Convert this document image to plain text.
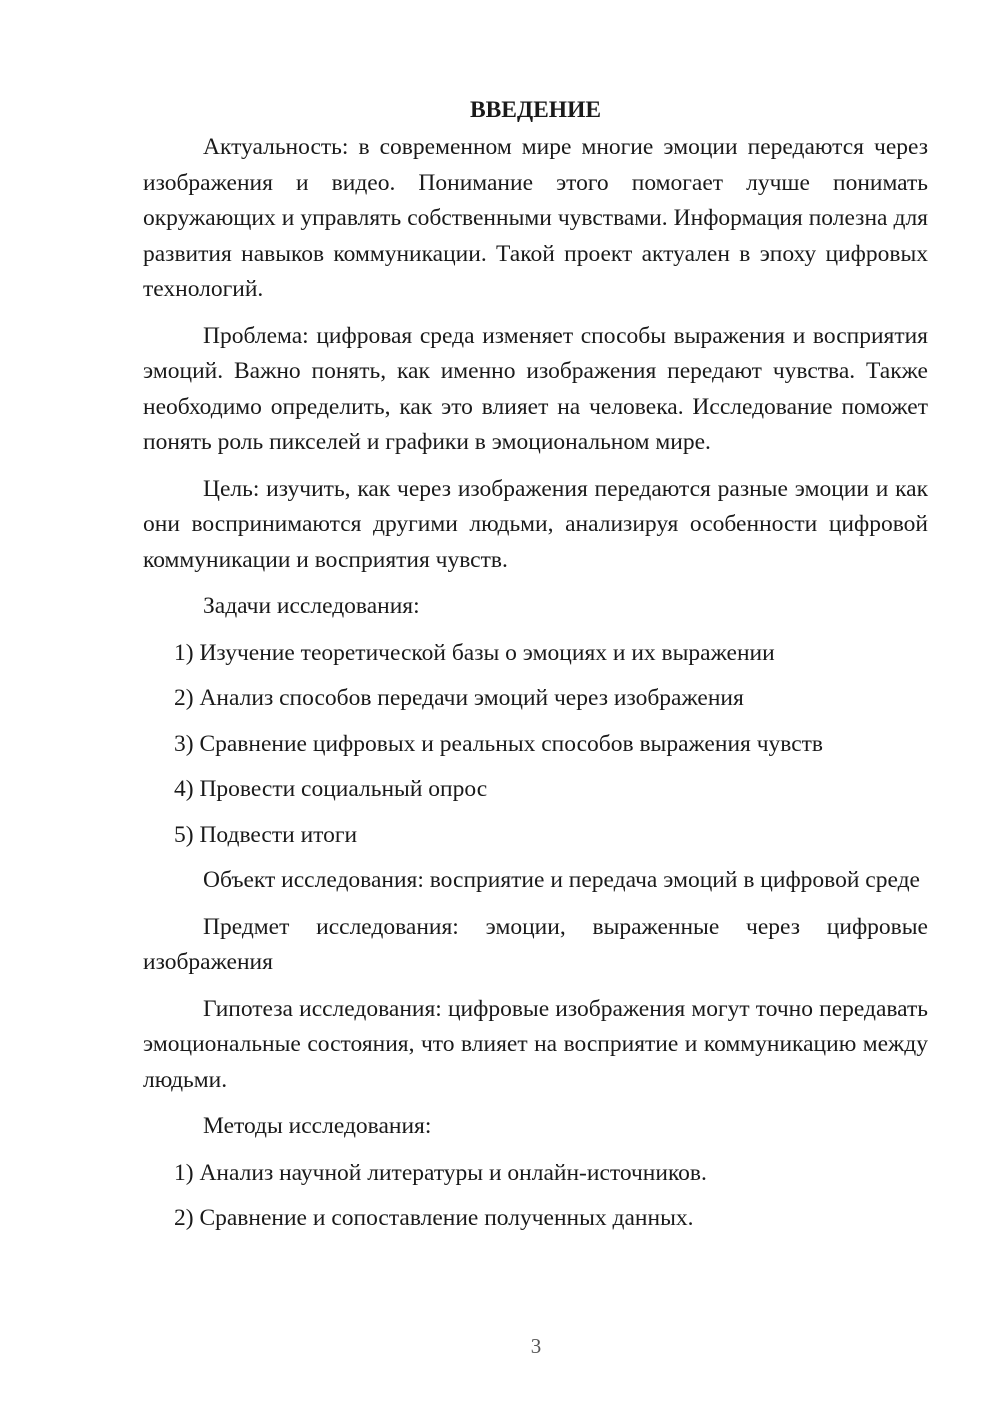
ВВЕДЕНИЕ

Актуальность: в современном мире многие эмоции передаются через изображения и видео. Понимание этого помогает лучше понимать окружающих и управлять собственными чувствами. Информация полезна для развития навыков коммуникации. Такой проект актуален в эпоху цифровых технологий.

Проблема: цифровая среда изменяет способы выражения и восприятия эмоций. Важно понять, как именно изображения передают чувства. Также необходимо определить, как это влияет на человека. Исследование поможет понять роль пикселей и графики в эмоциональном мире.

Цель: изучить, как через изображения передаются разные эмоции и как они воспринимаются другими людьми, анализируя особенности цифровой коммуникации и восприятия чувств.

Задачи исследования:

1) Изучение теоретической базы о эмоциях и их выражении
2) Анализ способов передачи эмоций через изображения
3) Сравнение цифровых и реальных способов выражения чувств
4) Провести социальный опрос
5) Подвести итоги

Объект исследования: восприятие и передача эмоций в цифровой среде

Предмет исследования: эмоции, выраженные через цифровые изображения

Гипотеза исследования: цифровые изображения могут точно передавать эмоциональные состояния, что влияет на восприятие и коммуникацию между людьми.

Методы исследования:

1) Анализ научной литературы и онлайн-источников.
2) Сравнение и сопоставление полученных данных.
3
